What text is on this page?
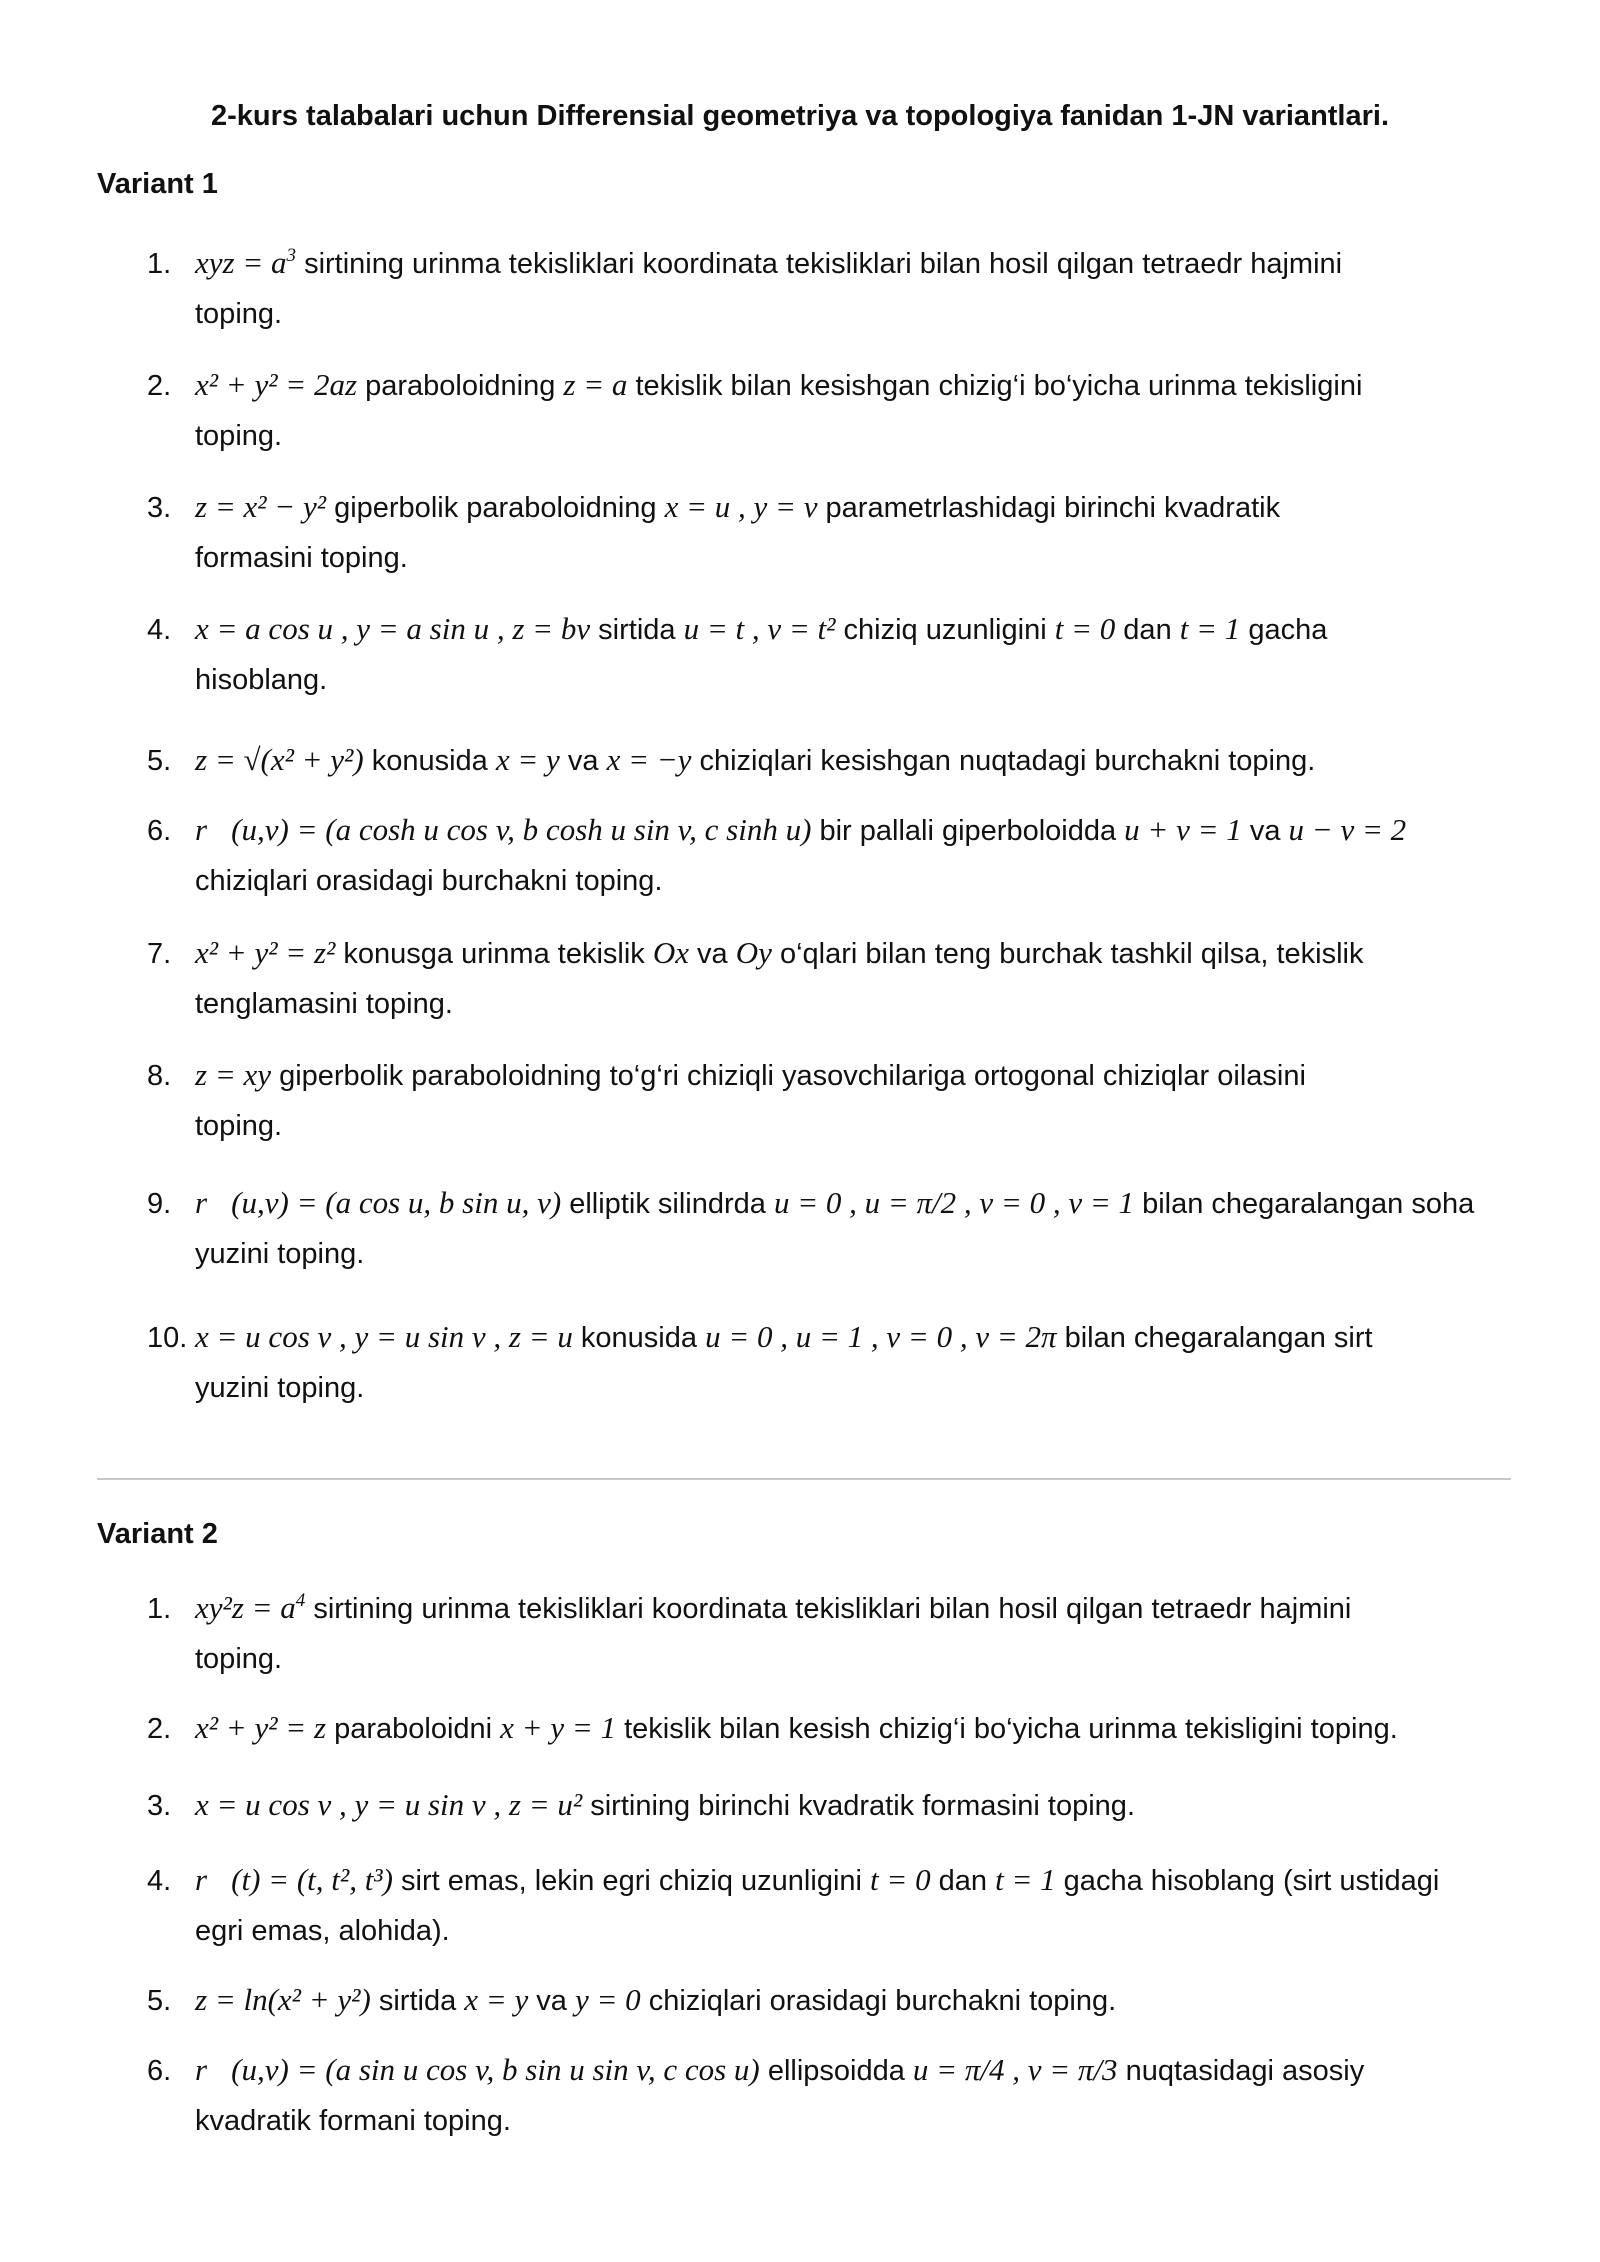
2-kurs talabalari uchun Differensial geometriya va topologiya fanidan 1-JN variantlari.
Variant 1
1. xyz = $a^3$ sirtining urinma tekisliklari koordinata tekisliklari bilan hosil qilgan tetraedr hajmini
toping.
2. x² + y² = 2az paraboloidning z = a tekislik bilan kesishgan chizig‘i bo‘yicha urinma tekisligini
toping.
3. z = x² − y² giperbolik paraboloidning x = u , y = v parametrlashidagi birinchi kvadratik
formasini toping.
4. x = a cos u , y = a sin u , z = bv sirtida u = t , v = t² chiziq uzunligini t = 0 dan t = 1 gacha
hisoblang.
5. z = √(x² + y²) konusida x = y va x = −y chiziqlari kesishgan nuqtadagi burchakni toping.
6. r⃗(u,v) = (a cosh u cos v, b cosh u sin v, c sinh u) bir pallali giperboloidda u + v = 1 va u − v = 2
chiziqlari orasidagi burchakni toping.
7. x² + y² = z² konusga urinma tekislik Ox va Oy o‘qlari bilan teng burchak tashkil qilsa, tekislik
tenglamasini toping.
8. z = xy giperbolik paraboloidning to‘g‘ri chiziqli yasovchilariga ortogonal chiziqlar oilasini
toping.
9. r⃗(u,v) = (a cos u, b sin u, v) elliptik silindrda u = 0 , u = π/2 , v = 0 , v = 1 bilan chegaralangan soha
yuzini toping.
10. x = u cos v , y = u sin v , z = u konusida u = 0 , u = 1 , v = 0 , v = 2π bilan chegaralangan sirt
yuzini toping.
Variant 2
1. $xy^2z = a^4$ sirtining urinma tekisliklari koordinata tekisliklari bilan hosil qilgan tetraedr hajmini
toping.
2. x² + y² = z paraboloidni x + y = 1 tekislik bilan kesish chizig‘i bo‘yicha urinma tekisligini toping.
3. x = u cos v , y = u sin v , z = u² sirtining birinchi kvadratik formasini toping.
4. r⃗(t) = (t, t², t³) sirt emas, lekin egri chiziq uzunligini t = 0 dan t = 1 gacha hisoblang (sirt ustidagi
egri emas, alohida).
5. z = ln(x² + y²) sirtida x = y va y = 0 chiziqlari orasidagi burchakni toping.
6. r⃗(u,v) = (a sin u cos v, b sin u sin v, c cos u) ellipsoidda u = π/4 , v = π/3 nuqtasidagi asosiy
kvadratik formani toping.
